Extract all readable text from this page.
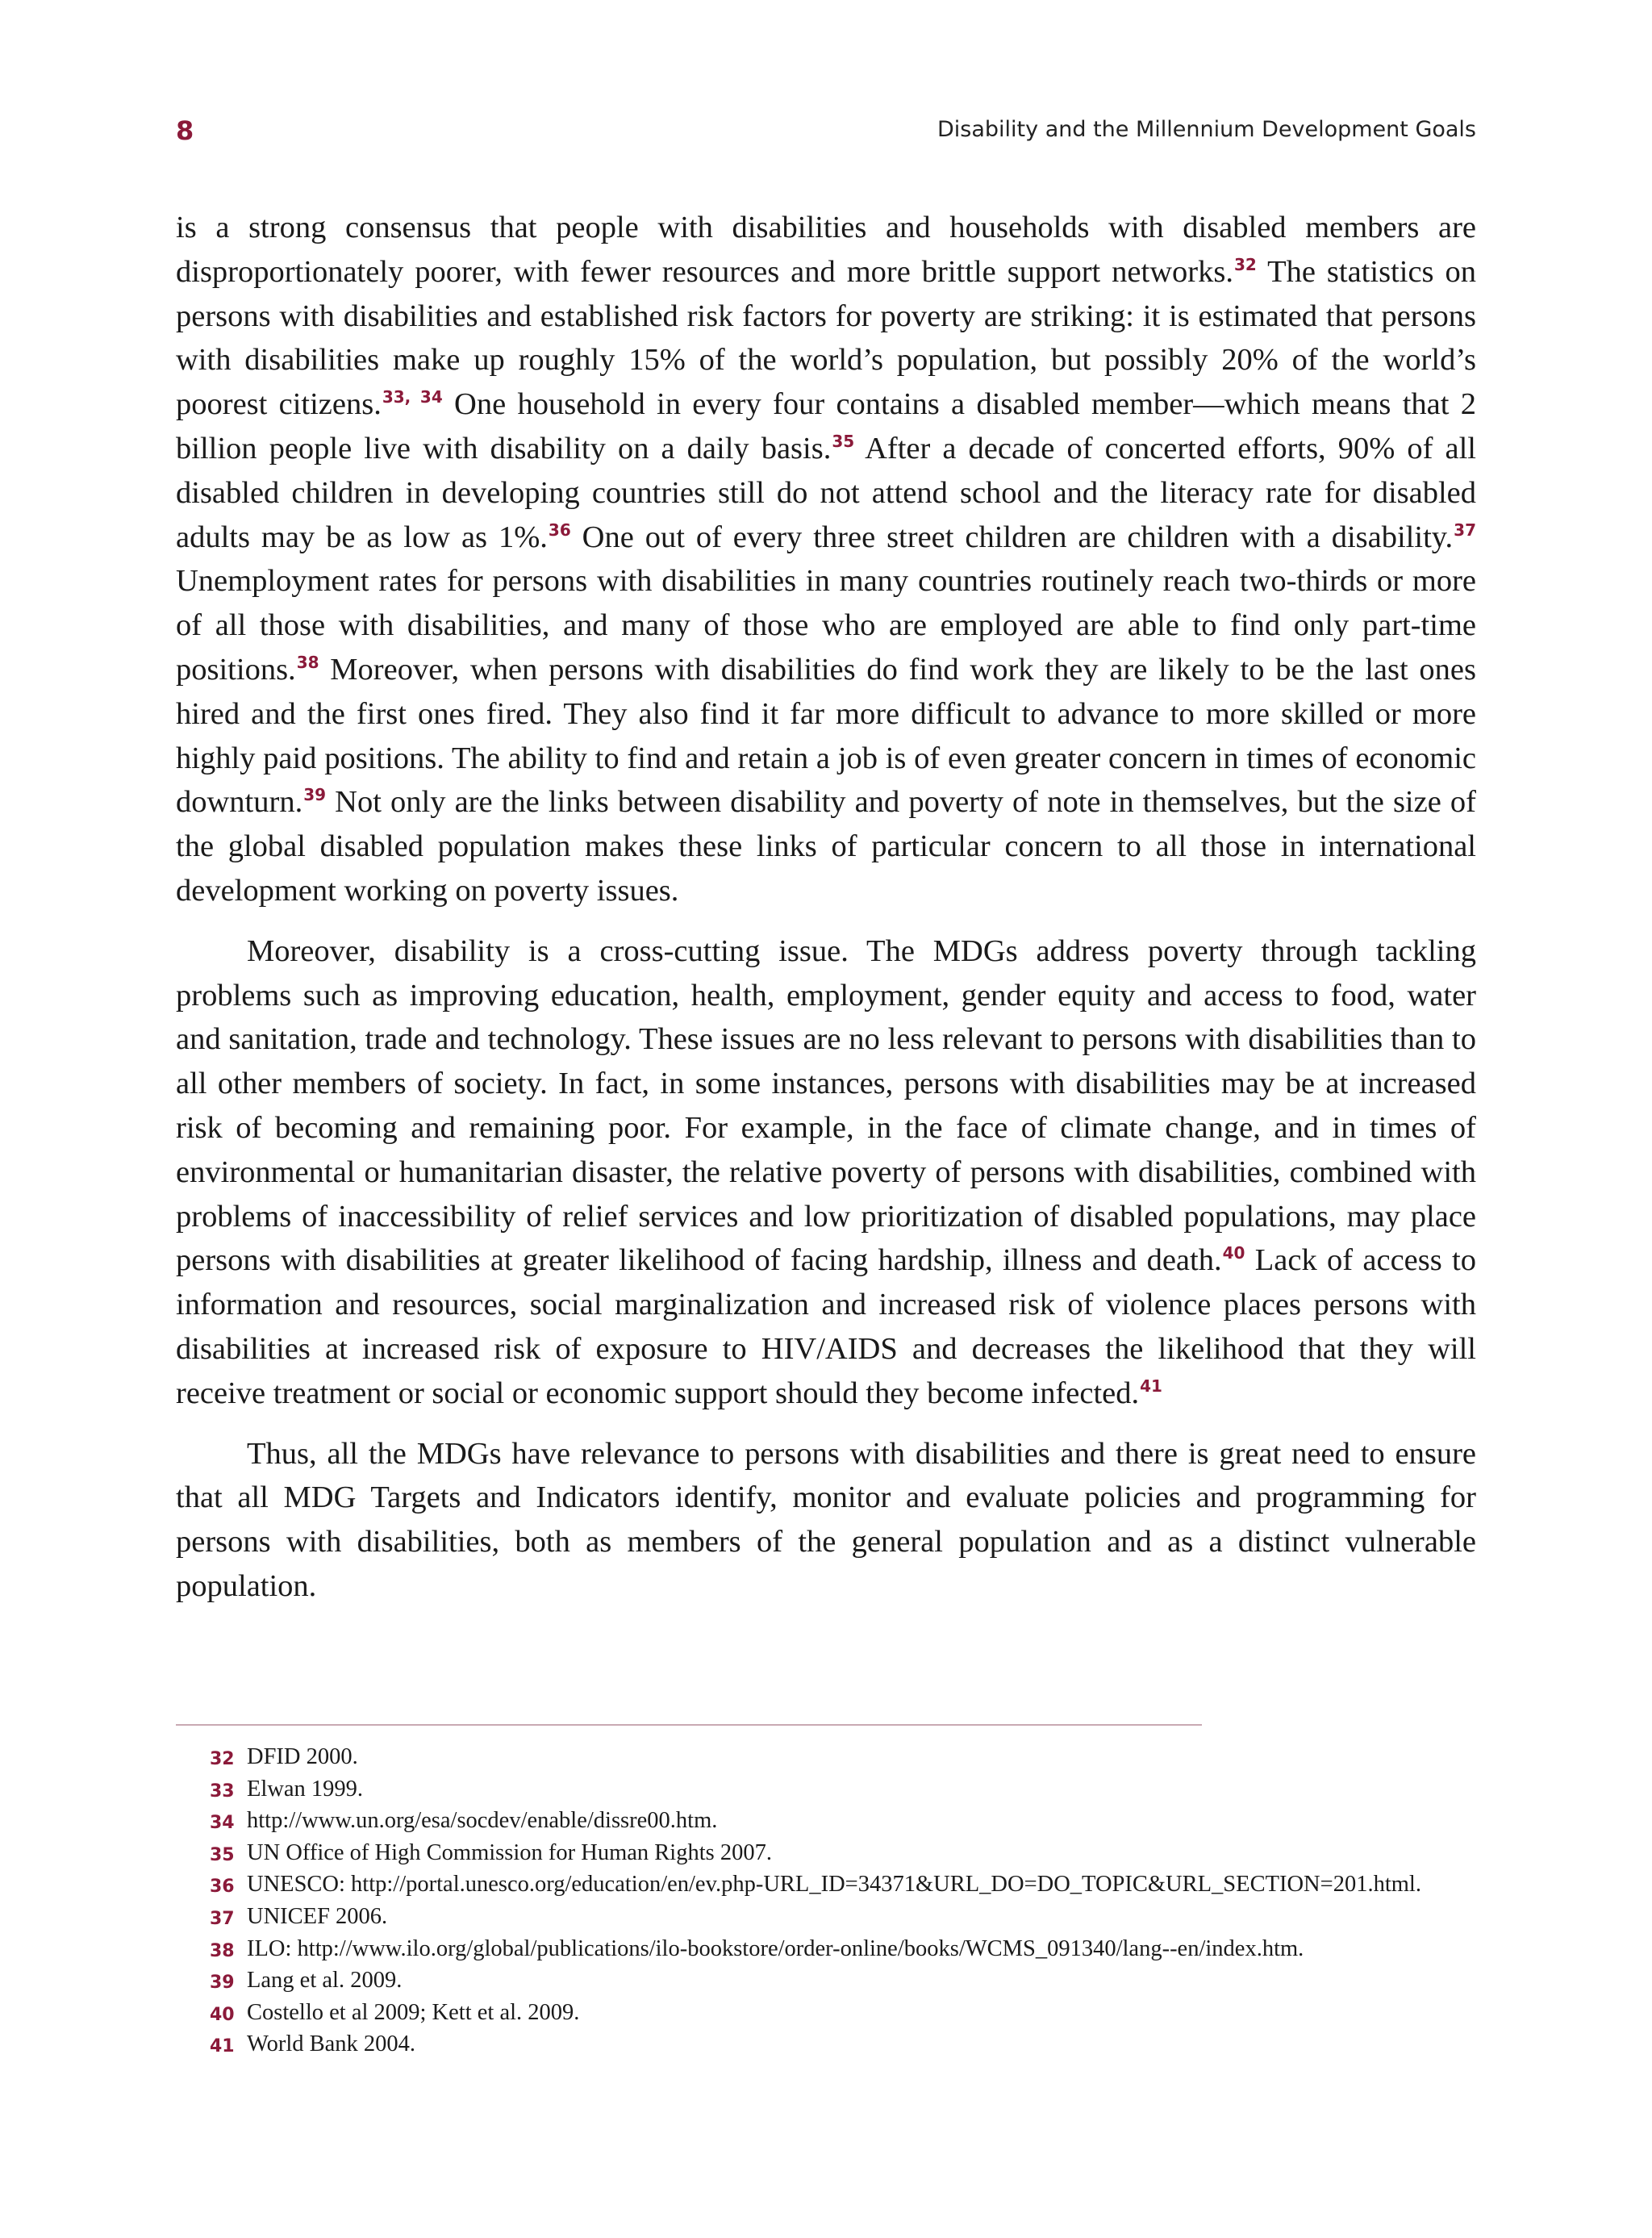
8	Disability and the Millennium Development Goals

is a strong consensus that people with disabilities and households with disabled members are disproportionately poorer, with fewer resources and more brittle support networks.$^{32}$ The statistics on persons with disabilities and established risk factors for poverty are striking: it is estimated that persons with disabilities make up roughly 15% of the world’s population, but possibly 20% of the world’s poorest citizens.$^{33, 34}$ One household in every four contains a disabled member—which means that 2 billion people live with disability on a daily basis.$^{35}$ After a decade of concerted efforts, 90% of all disabled children in developing countries still do not attend school and the literacy rate for disabled adults may be as low as 1%.$^{36}$ One out of every three street children are children with a disability.$^{37}$ Unemployment rates for persons with disabilities in many countries routinely reach two-thirds or more of all those with disabilities, and many of those who are employed are able to find only part-time positions.$^{38}$ Moreover, when persons with disabilities do find work they are likely to be the last ones hired and the first ones fired. They also find it far more difficult to advance to more skilled or more highly paid positions. The ability to find and retain a job is of even greater concern in times of economic downturn.$^{39}$ Not only are the links between disability and poverty of note in themselves, but the size of the global disabled population makes these links of particular concern to all those in international development working on poverty issues.

Moreover, disability is a cross-cutting issue. The MDGs address poverty through tackling problems such as improving education, health, employment, gender equity and access to food, water and sanitation, trade and technology. These issues are no less relevant to persons with disabilities than to all other members of society. In fact, in some instances, persons with disabilities may be at increased risk of becoming and remaining poor. For example, in the face of climate change, and in times of environmental or humanitarian disaster, the relative poverty of persons with disabilities, combined with problems of inaccessibility of relief services and low prioritization of disabled populations, may place persons with disabilities at greater likelihood of facing hardship, illness and death.$^{40}$ Lack of access to information and resources, social marginalization and increased risk of violence places persons with disabilities at increased risk of exposure to HIV/AIDS and decreases the likelihood that they will receive treatment or social or economic support should they become infected.$^{41}$

Thus, all the MDGs have relevance to persons with disabilities and there is great need to ensure that all MDG Targets and Indicators identify, monitor and evaluate policies and programming for persons with disabilities, both as members of the general population and as a distinct vulnerable population.

32 DFID 2000.
33 Elwan 1999.
34 http://www.un.org/esa/socdev/enable/dissre00.htm.
35 UN Office of High Commission for Human Rights 2007.
36 UNESCO: http://portal.unesco.org/education/en/ev.php-URL_ID=34371&URL_DO=DO_TOPIC&URL_SECTION=201.html.
37 UNICEF 2006.
38 ILO: http://www.ilo.org/global/publications/ilo-bookstore/order-online/books/WCMS_091340/lang--en/index.htm.
39 Lang et al. 2009.
40 Costello et al 2009; Kett et al. 2009.
41 World Bank 2004.
